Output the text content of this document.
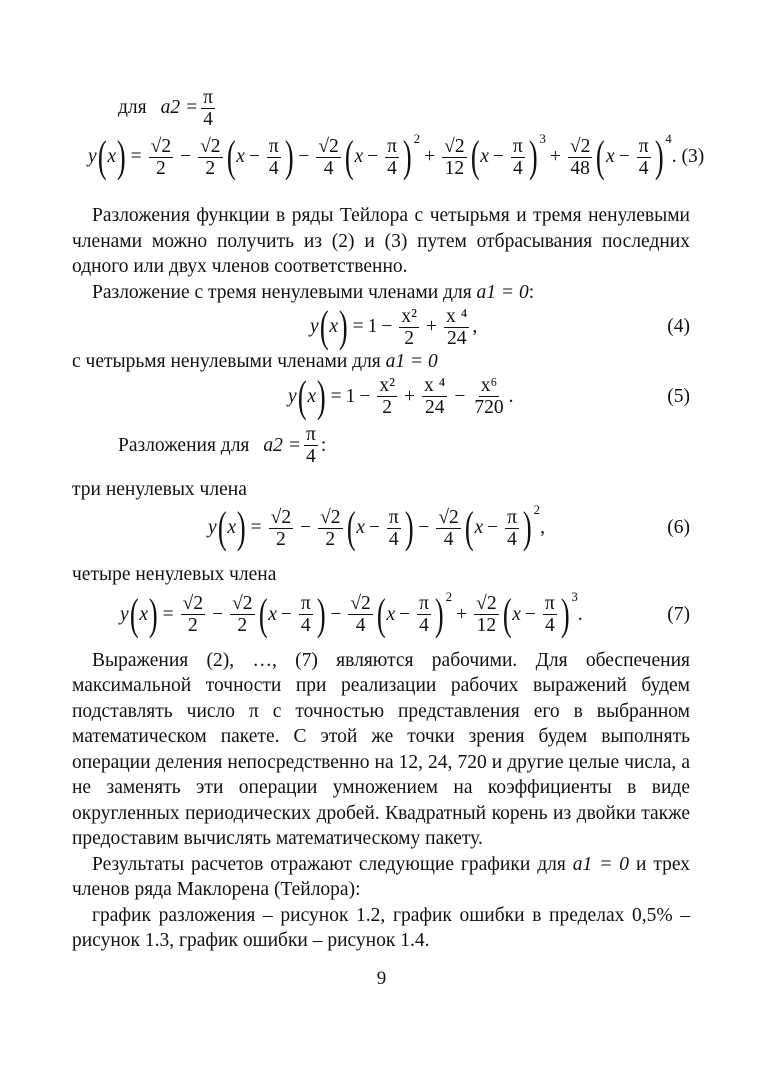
для $a2 = \frac{\pi}{4}$
y ( x ) = $\frac{√2}{2} - \frac{√2}{2}$ ( $x - \frac{\pi}{4}$ ) − $\frac{√2}{4}$ ( $x - \frac{\pi}{4}$ ) 2
+ $\frac{√2}{12}$ ( $x - \frac{\pi}{4}$ ) 3
+ $\frac{√2}{48}$ ( $x - \frac{\pi}{4}$ ) 4
. (3)
Разложения функции в ряды Тейлора с четырьмя и тремя ненулевыми членами можно получить из (2) и (3) путем отбрасывания последних одного или двух членов соответственно.
Разложение с тремя ненулевыми членами для a1 = 0:
y ( x ) = $1 - \frac{\text{x²}}{2} + \frac{\text{x ⁴}}{24}$ ,	(4)
с четырьмя ненулевыми членами для a1 = 0
y ( x ) = $1 - \frac{\text{x²}}{2} + \frac{\text{x ⁴}}{24} - \frac{\text{x⁶}}{720}$ .	(5)
Разложения для $a2 = \frac{\pi}{4}$ :
три ненулевых члена
y ( x ) = $\frac{√2}{2} - \frac{√2}{2}$ ( $x - \frac{\pi}{4}$ ) − $\frac{√2}{4}$ ( $x - \frac{\pi}{4}$ ) 2
,	(6)
четыре ненулевых члена
y ( x ) = $\frac{√2}{2} - \frac{√2}{2}$ ( $x - \frac{\pi}{4}$ ) − $\frac{√2}{4}$ ( $x - \frac{\pi}{4}$ ) 2
+ $\frac{√2}{12}$ ( $x - \frac{\pi}{4}$ ) 3
.	(7)
Выражения (2), …, (7) являются рабочими. Для обеспечения максимальной точности при реализации рабочих выражений будем подставлять число π с точностью представления его в выбранном математическом пакете. С этой же точки зрения будем выполнять операции деления непосредственно на 12, 24, 720 и другие целые числа, а не заменять эти операции умножением на коэффициенты в виде округленных периодических дробей. Квадратный корень из двойки также предоставим вычислять математическому пакету.
Результаты расчетов отражают следующие графики для a1 = 0 и трех членов ряда Маклорена (Тейлора):
график разложения – рисунок 1.2, график ошибки в пределах 0,5% – рисунок 1.3, график ошибки – рисунок 1.4.
9
